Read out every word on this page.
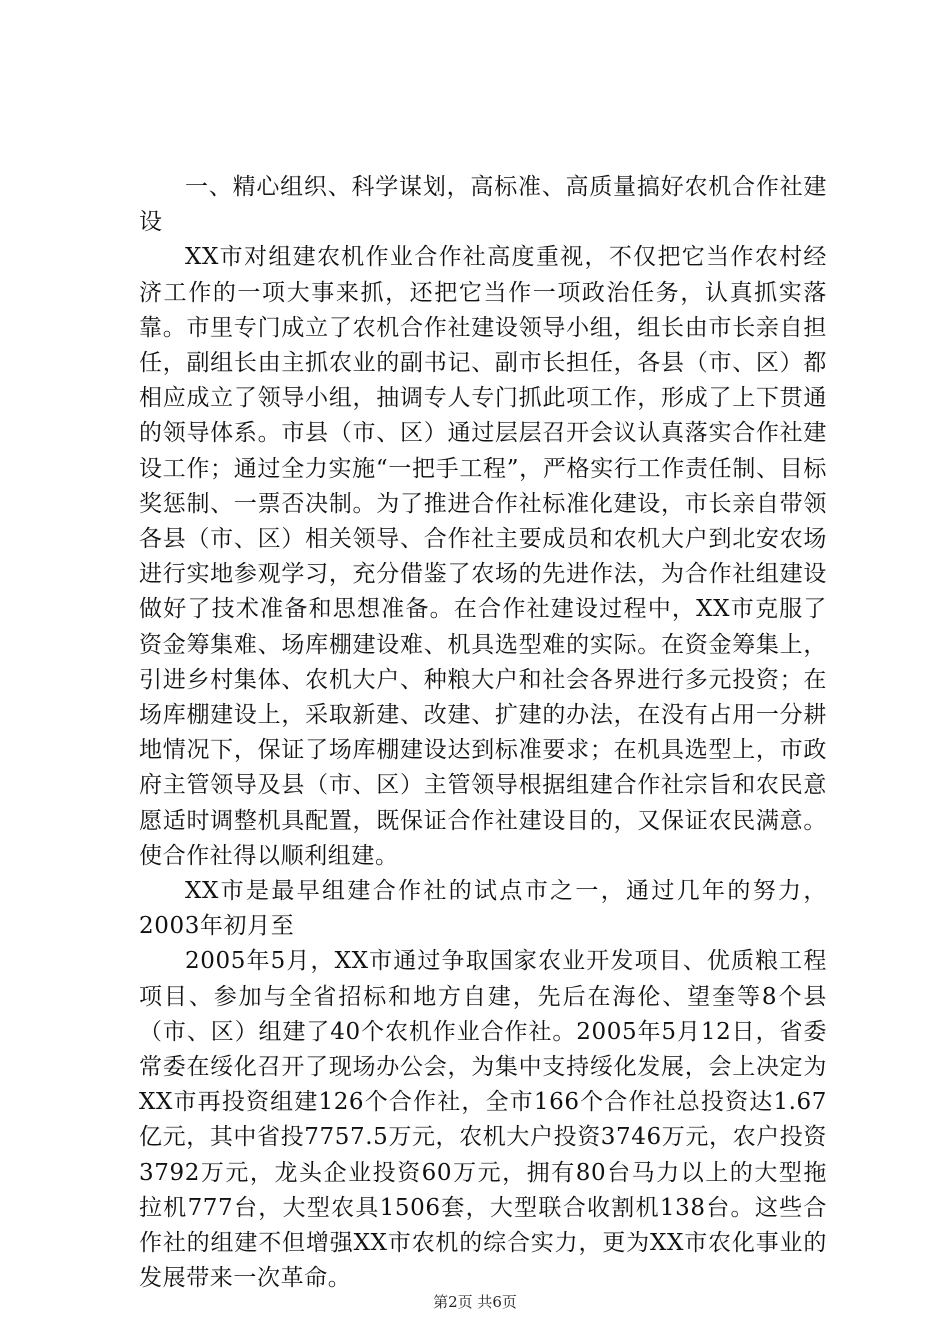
一、精心组织、科学谋划，高标准、高质量搞好农机合作社建设

XX市对组建农机作业合作社高度重视，不仅把它当作农村经济工作的一项大事来抓，还把它当作一项政治任务，认真抓实落靠。市里专门成立了农机合作社建设领导小组，组长由市长亲自担任，副组长由主抓农业的副书记、副市长担任，各县（市、区）都相应成立了领导小组，抽调专人专门抓此项工作，形成了上下贯通的领导体系。市县（市、区）通过层层召开会议认真落实合作社建设工作；通过全力实施“一把手工程”，严格实行工作责任制、目标奖惩制、一票否决制。为了推进合作社标准化建设，市长亲自带领各县（市、区）相关领导、合作社主要成员和农机大户到北安农场进行实地参观学习，充分借鉴了农场的先进作法，为合作社组建设做好了技术准备和思想准备。在合作社建设过程中，XX市克服了资金筹集难、场库棚建设难、机具选型难的实际。在资金筹集上，引进乡村集体、农机大户、种粮大户和社会各界进行多元投资；在场库棚建设上，采取新建、改建、扩建的办法，在没有占用一分耕地情况下，保证了场库棚建设达到标准要求；在机具选型上，市政府主管领导及县（市、区）主管领导根据组建合作社宗旨和农民意愿适时调整机具配置，既保证合作社建设目的，又保证农民满意。使合作社得以顺利组建。

XX市是最早组建合作社的试点市之一，通过几年的努力，2003年初月至

2005年5月，XX市通过争取国家农业开发项目、优质粮工程项目、参加与全省招标和地方自建，先后在海伦、望奎等8个县（市、区）组建了40个农机作业合作社。2005年5月12日，省委常委在绥化召开了现场办公会，为集中支持绥化发展，会上决定为XX市再投资组建126个合作社，全市166个合作社总投资达1.67亿元，其中省投7757.5万元，农机大户投资3746万元，农户投资3792万元，龙头企业投资60万元，拥有80台马力以上的大型拖拉机777台，大型农具1506套，大型联合收割机138台。这些合作社的组建不但增强XX市农机的综合实力，更为XX市农化事业的发展带来一次革命。

第2页 共6页
